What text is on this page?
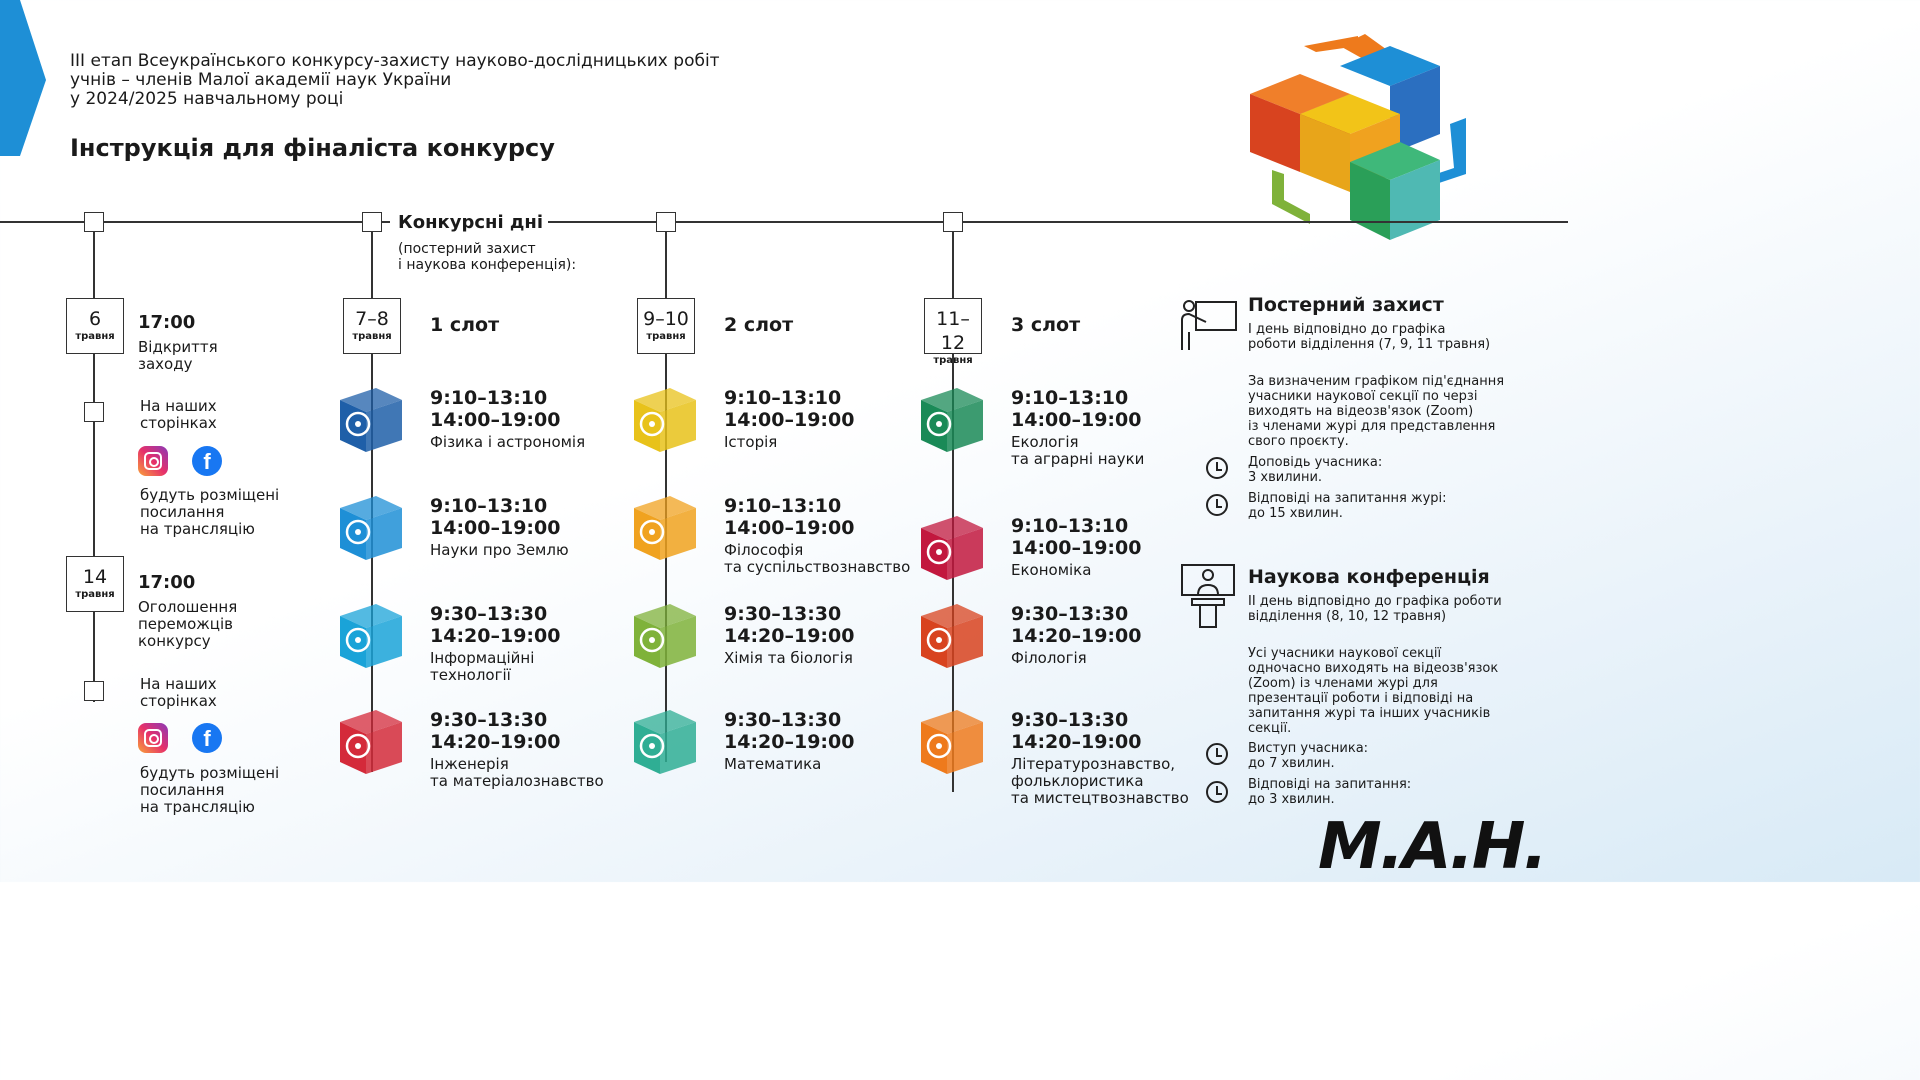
ІІІ етап Всеукраїнського конкурсу-захисту науково-дослідницьких робіт
учнів – членів Малої академії наук України
у 2024/2025 навчальному році
Інструкція для фіналіста конкурсу
Конкурсні дні
(постерний захист
і наукова конференція):
6
травня
17:00
Відкриття
заходу
На наших
сторінках
f
будуть розміщені
посилання
на трансляцію
14
травня
17:00
Оголошення
переможців
конкурсу
На наших
сторінках
f
будуть розміщені
посилання
на трансляцію
7–8
травня
1 слот
9:10–13:10
14:00–19:00
Фізика і астрономія
9:10–13:10
14:00–19:00
Науки про Землю
9:30–13:30
14:20–19:00
Інформаційні
технології
9:30–13:30
14:20–19:00
Інженерія
та матеріалознавство
9–10
травня
2 слот
9:10–13:10
14:00–19:00
Історія
9:10–13:10
14:00–19:00
Філософія
та суспільствознавство
9:30–13:30
14:20–19:00
Хімія та біологія
9:30–13:30
14:20–19:00
Математика
11–12
травня
3 слот
9:10–13:10
14:00–19:00
Екологія
та аграрні науки
9:10–13:10
14:00–19:00
Економіка
9:30–13:30
14:20–19:00
Філологія
9:30–13:30
14:20–19:00
Літературознавство,
фольклористика
та мистецтвознавство
Постерний захист
І день відповідно до графіка
роботи відділення (7, 9, 11 травня)
За визначеним графіком під'єднання
учасники наукової секції по черзі
виходять на відеозв'язок (Zoom)
із членами журі для представлення
свого проєкту.
Доповідь учасника:
3 хвилини.
Відповіді на запитання журі:
до 15 хвилин.
Наукова конференція
ІІ день відповідно до графіка роботи
відділення (8, 10, 12 травня)
Усі учасники наукової секції
одночасно виходять на відеозв'язок
(Zoom) із членами журі для
презентації роботи і відповіді на
запитання журі та інших учасників
секції.
Виступ учасника:
до 7 хвилин.
Відповіді на запитання:
до 3 хвилин.
М.А.Н.
